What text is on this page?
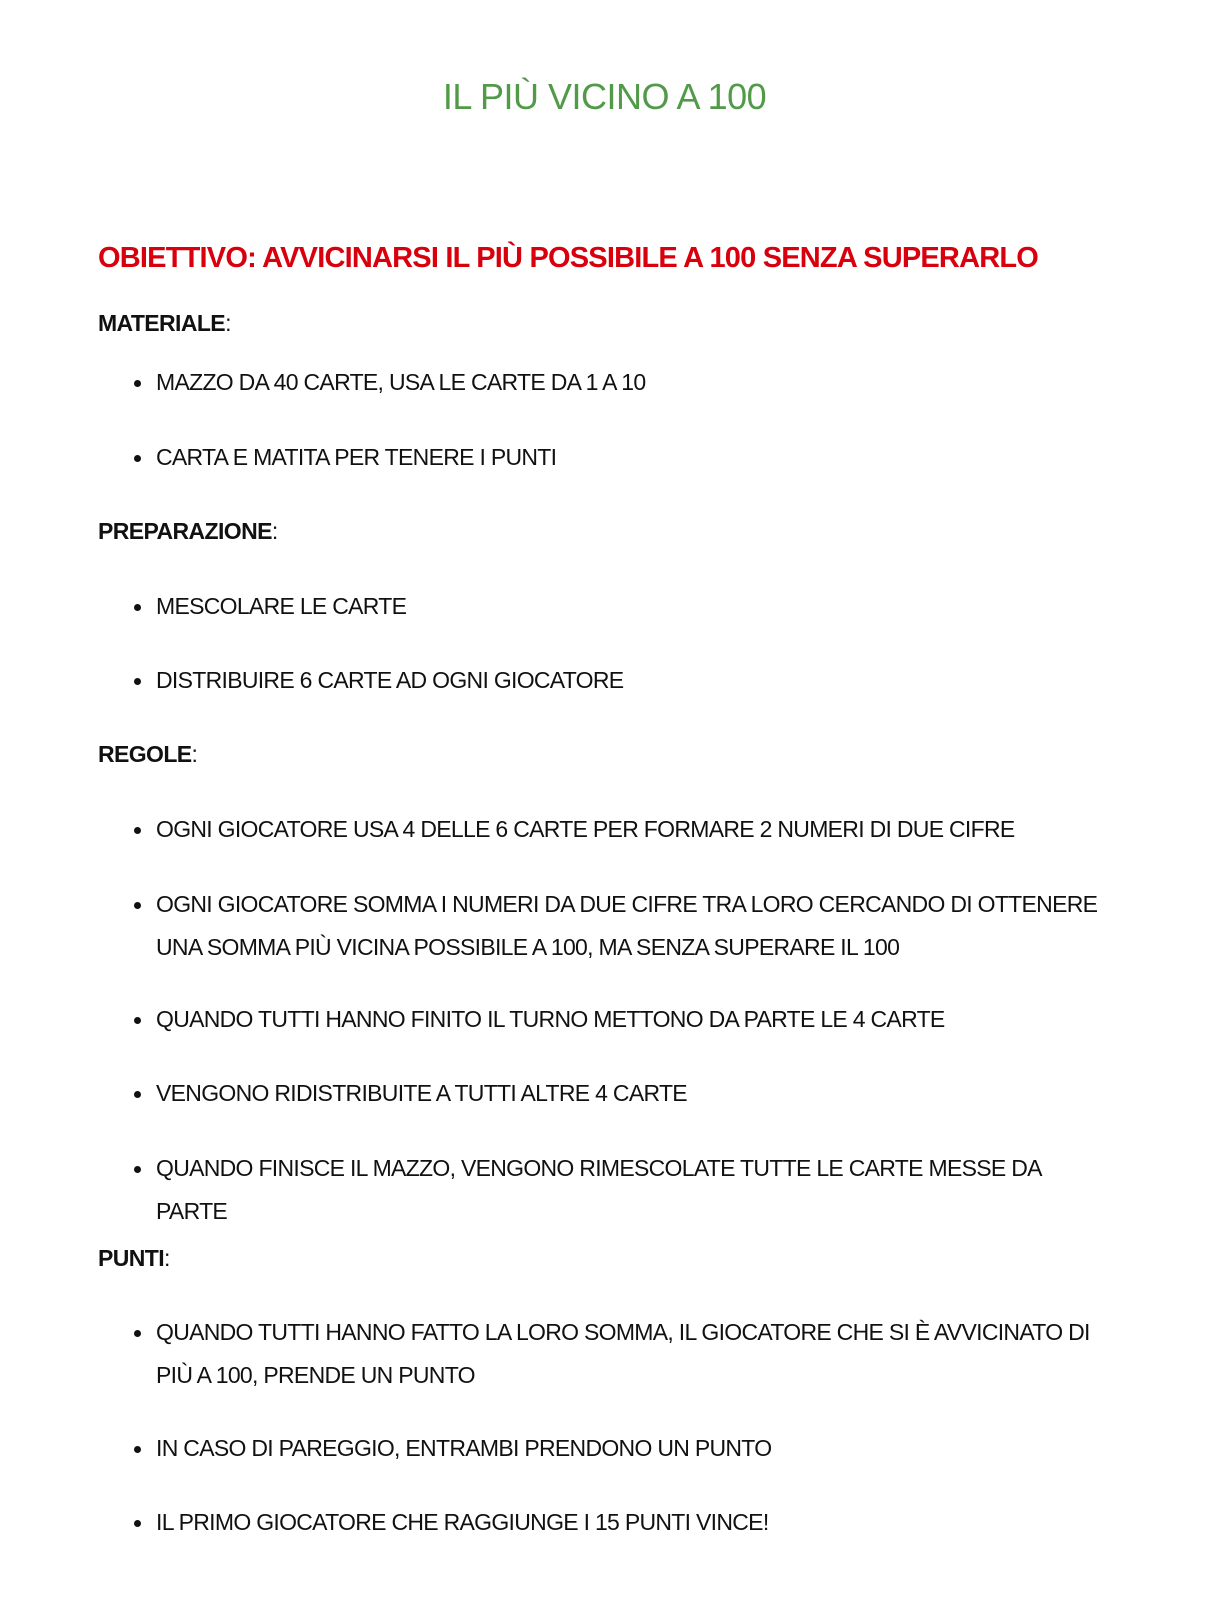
IL PIÙ VICINO A 100
OBIETTIVO: AVVICINARSI IL PIÙ POSSIBILE A 100 SENZA SUPERARLO
MATERIALE:
MAZZO DA 40 CARTE, USA LE CARTE DA 1 A 10
CARTA E MATITA PER TENERE I PUNTI
PREPARAZIONE:
MESCOLARE LE CARTE
DISTRIBUIRE 6 CARTE AD OGNI GIOCATORE
REGOLE:
OGNI GIOCATORE USA 4 DELLE 6 CARTE PER FORMARE 2 NUMERI DI DUE CIFRE
OGNI GIOCATORE SOMMA I NUMERI DA DUE CIFRE TRA LORO CERCANDO DI OTTENERE UNA SOMMA PIÙ VICINA POSSIBILE A 100, MA SENZA SUPERARE IL 100
QUANDO TUTTI HANNO FINITO IL TURNO METTONO DA PARTE LE 4 CARTE
VENGONO RIDISTRIBUITE A TUTTI ALTRE 4 CARTE
QUANDO FINISCE IL MAZZO, VENGONO RIMESCOLATE TUTTE LE CARTE MESSE DA PARTE
PUNTI:
QUANDO TUTTI HANNO FATTO LA LORO SOMMA, IL GIOCATORE CHE SI È AVVICINATO DI PIÙ A 100, PRENDE UN PUNTO
IN CASO DI PAREGGIO, ENTRAMBI PRENDONO UN PUNTO
IL PRIMO GIOCATORE CHE RAGGIUNGE I 15 PUNTI VINCE!
